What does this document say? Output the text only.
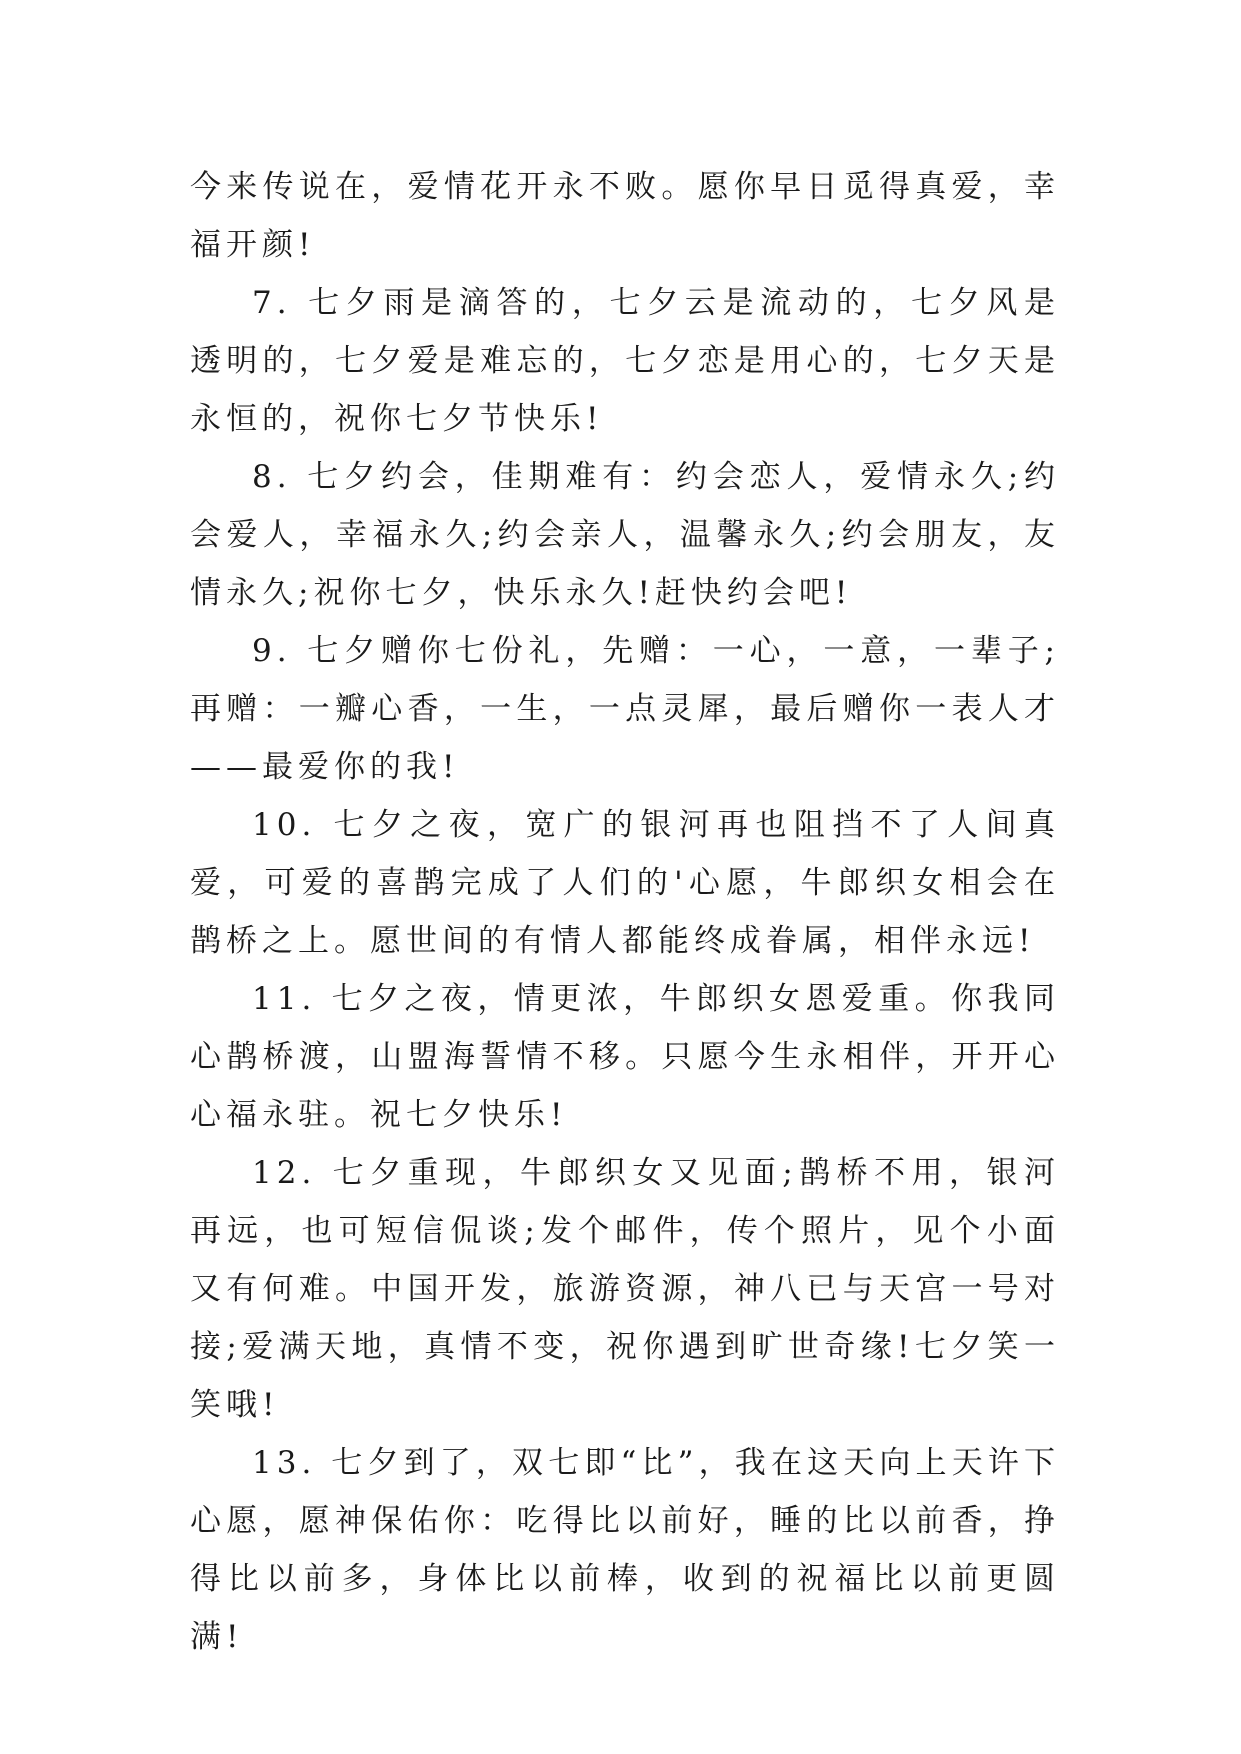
今来传说在，爱情花开永不败。愿你早日觅得真爱，幸福开颜!

7. 七夕雨是滴答的，七夕云是流动的，七夕风是透明的，七夕爱是难忘的，七夕恋是用心的，七夕天是永恒的，祝你七夕节快乐!

8. 七夕约会，佳期难有：约会恋人，爱情永久;约会爱人，幸福永久;约会亲人，温馨永久;约会朋友，友情永久;祝你七夕，快乐永久!赶快约会吧!

9. 七夕赠你七份礼，先赠：一心，一意，一辈子;再赠：一瓣心香，一生，一点灵犀，最后赠你一表人才——最爱你的我!

10. 七夕之夜，宽广的银河再也阻挡不了人间真爱，可爱的喜鹊完成了人们的'心愿，牛郎织女相会在鹊桥之上。愿世间的有情人都能终成眷属，相伴永远!

11. 七夕之夜，情更浓，牛郎织女恩爱重。你我同心鹊桥渡，山盟海誓情不移。只愿今生永相伴，开开心心福永驻。祝七夕快乐!

12. 七夕重现，牛郎织女又见面;鹊桥不用，银河再远，也可短信侃谈;发个邮件，传个照片，见个小面又有何难。中国开发，旅游资源，神八已与天宫一号对接;爱满天地，真情不变，祝你遇到旷世奇缘!七夕笑一笑哦!

13. 七夕到了，双七即“比”，我在这天向上天许下心愿，愿神保佑你：吃得比以前好，睡的比以前香，挣得比以前多，身体比以前棒，收到的祝福比以前更圆满!
